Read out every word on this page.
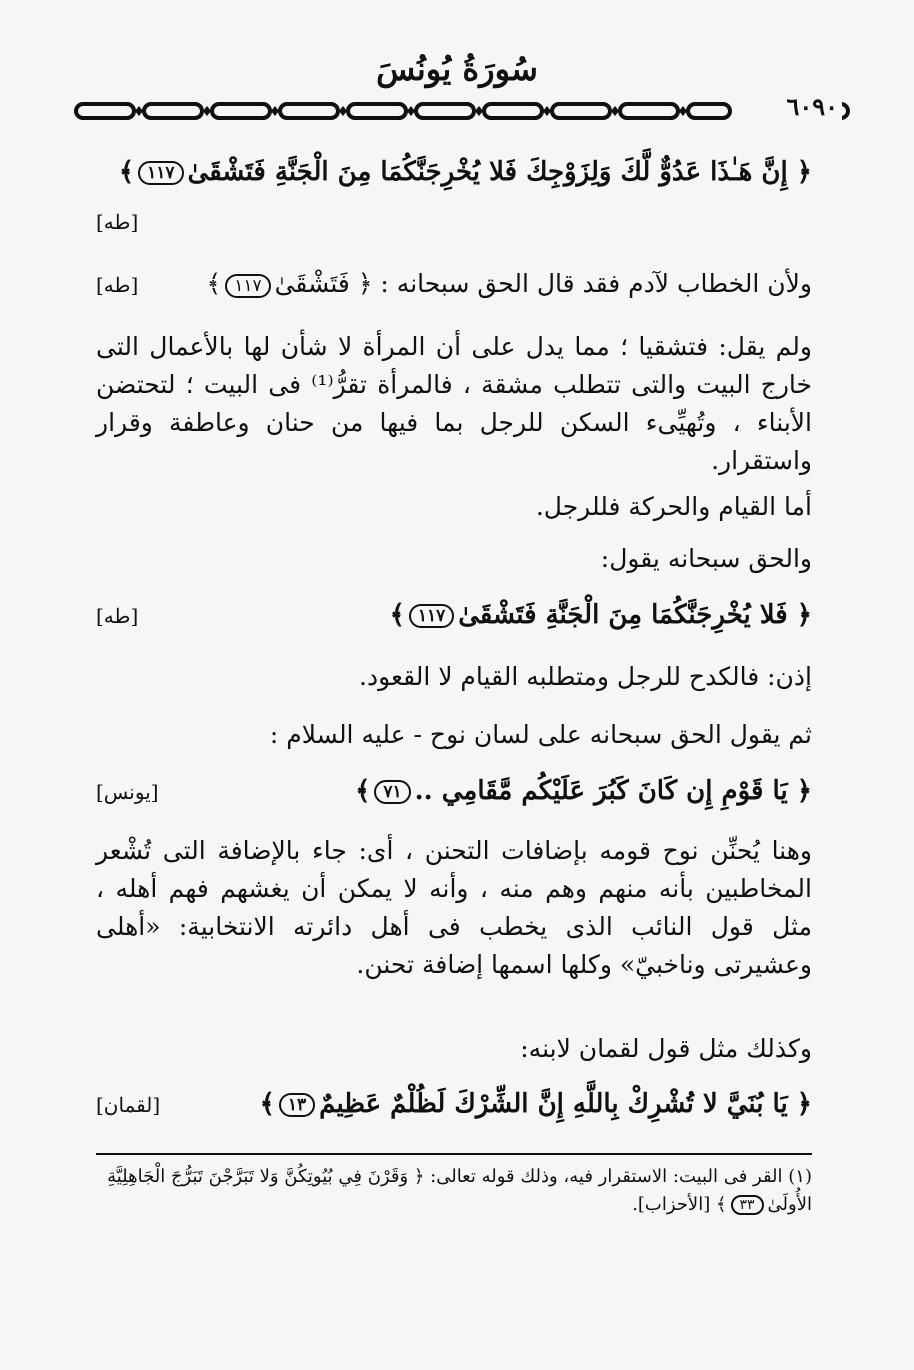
سُورَةُ يُونُسَ
٦٠٩٠
﴿ إِنَّ هَـٰذَا عَدُوٌّ لَّكَ وَلِزَوْجِكَ فَلا يُخْرِجَنَّكُمَا مِنَ الْجَنَّةِ فَتَشْقَىٰ١١٧﴾
[طه]
ولأن الخطاب لآدم فقد قال الحق سبحانه : ﴿ فَتَشْقَىٰ١١٧﴾
[طه]
ولم يقل: فتشقيا ؛ مما يدل على أن المرأة لا شأن لها بالأعمال التى خارج البيت والتى تتطلب مشقة ، فالمرأة تقرُّ⁽¹⁾ فى البيت ؛ لتحتضن الأبناء ، وتُهيِّىء السكن للرجل بما فيها من حنان وعاطفة وقرار واستقرار.
أما القيام والحركة فللرجل.
والحق سبحانه يقول:
﴿ فَلا يُخْرِجَنَّكُمَا مِنَ الْجَنَّةِ فَتَشْقَىٰ١١٧﴾
[طه]
إذن: فالكدح للرجل ومتطلبه القيام لا القعود.
ثم يقول الحق سبحانه على لسان نوح - عليه السلام :
﴿ يَا قَوْمِ إِن كَانَ كَبُرَ عَلَيْكُم مَّقَامِي ..٧١﴾
[يونس]
وهنا يُحنِّن نوح قومه بإضافات التحنن ، أى: جاء بالإضافة التى تُشْعر المخاطبين بأنه منهم وهم منه ، وأنه لا يمكن أن يغشهم فهم أهله ، مثل قول النائب الذى يخطب فى أهل دائرته الانتخابية: «أهلى وعشيرتى وناخبيّ» وكلها اسمها إضافة تحنن.
وكذلك مثل قول لقمان لابنه:
﴿ يَا بُنَيَّ لا تُشْرِكْ بِاللَّهِ إِنَّ الشِّرْكَ لَظُلْمٌ عَظِيمٌ١٣﴾
[لقمان]
(١) القر فى البيت: الاستقرار فيه، وذلك قوله تعالى: ﴿ وَقَرْنَ فِي بُيُوتِكُنَّ وَلا تَبَرَّجْنَ تَبَرُّجَ الْجَاهِلِيَّةِ الأُولَىٰ٣٣﴾ [الأحزاب].
